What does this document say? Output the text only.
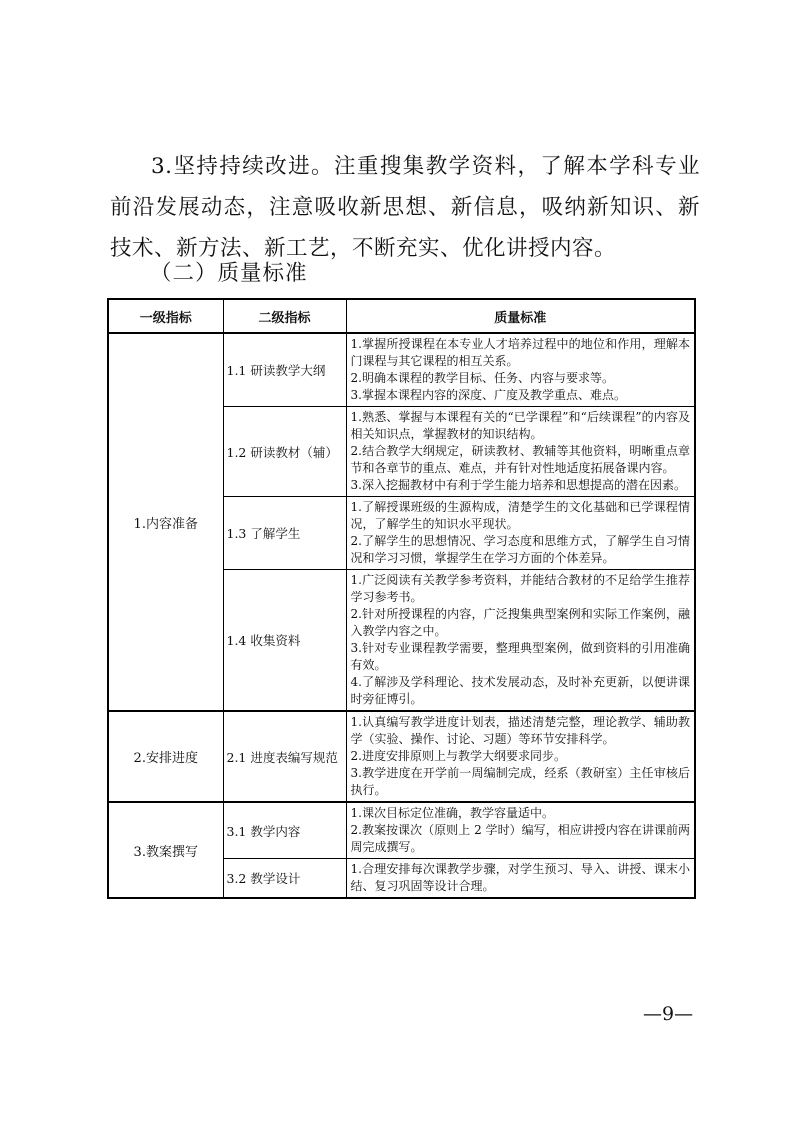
3.坚持持续改进。注重搜集教学资料，了解本学科专业前沿发展动态，注意吸收新思想、新信息，吸纳新知识、新技术、新方法、新工艺，不断充实、优化讲授内容。

（二）质量标准

一级指标	二级指标	质量标准
1.内容准备	1.1 研读教学大纲	1.掌握所授课程在本专业人才培养过程中的地位和作用，理解本门课程与其它课程的相互关系。
2.明确本课程的教学目标、任务、内容与要求等。
3.掌握本课程内容的深度、广度及教学重点、难点。

	1.2 研读教材（辅）	1.熟悉、掌握与本课程有关的“已学课程”和“后续课程”的内容及相关知识点，掌握教材的知识结构。
2.结合教学大纲规定，研读教材、教辅等其他资料，明晰重点章节和各章节的重点、难点，并有针对性地适度拓展备课内容。
3.深入挖掘教材中有利于学生能力培养和思想提高的潜在因素。

	1.3 了解学生	1.了解授课班级的生源构成，清楚学生的文化基础和已学课程情况，了解学生的知识水平现状。
2.了解学生的思想情况、学习态度和思维方式，了解学生自习情况和学习习惯，掌握学生在学习方面的个体差异。

	1.4 收集资料	1.广泛阅读有关教学参考资料，并能结合教材的不足给学生推荐学习参考书。
2.针对所授课程的内容，广泛搜集典型案例和实际工作案例，融入教学内容之中。
3.针对专业课程教学需要，整理典型案例，做到资料的引用准确有效。
4.了解涉及学科理论、技术发展动态，及时补充更新，以便讲课时旁征博引。

2.安排进度	2.1 进度表编写规范	1.认真编写教学进度计划表，描述清楚完整，理论教学、辅助教学（实验、操作、讨论、习题）等环节安排科学。
2.进度安排原则上与教学大纲要求同步。
3.教学进度在开学前一周编制完成，经系（教研室）主任审核后执行。

3.教案撰写	3.1 教学内容	1.课次目标定位准确，教学容量适中。
2.教案按课次（原则上 2 学时）编写，相应讲授内容在讲课前两周完成撰写。

	3.2 教学设计	1.合理安排每次课教学步骤，对学生预习、导入、讲授、课末小结、复习巩固等设计合理。
—9—
